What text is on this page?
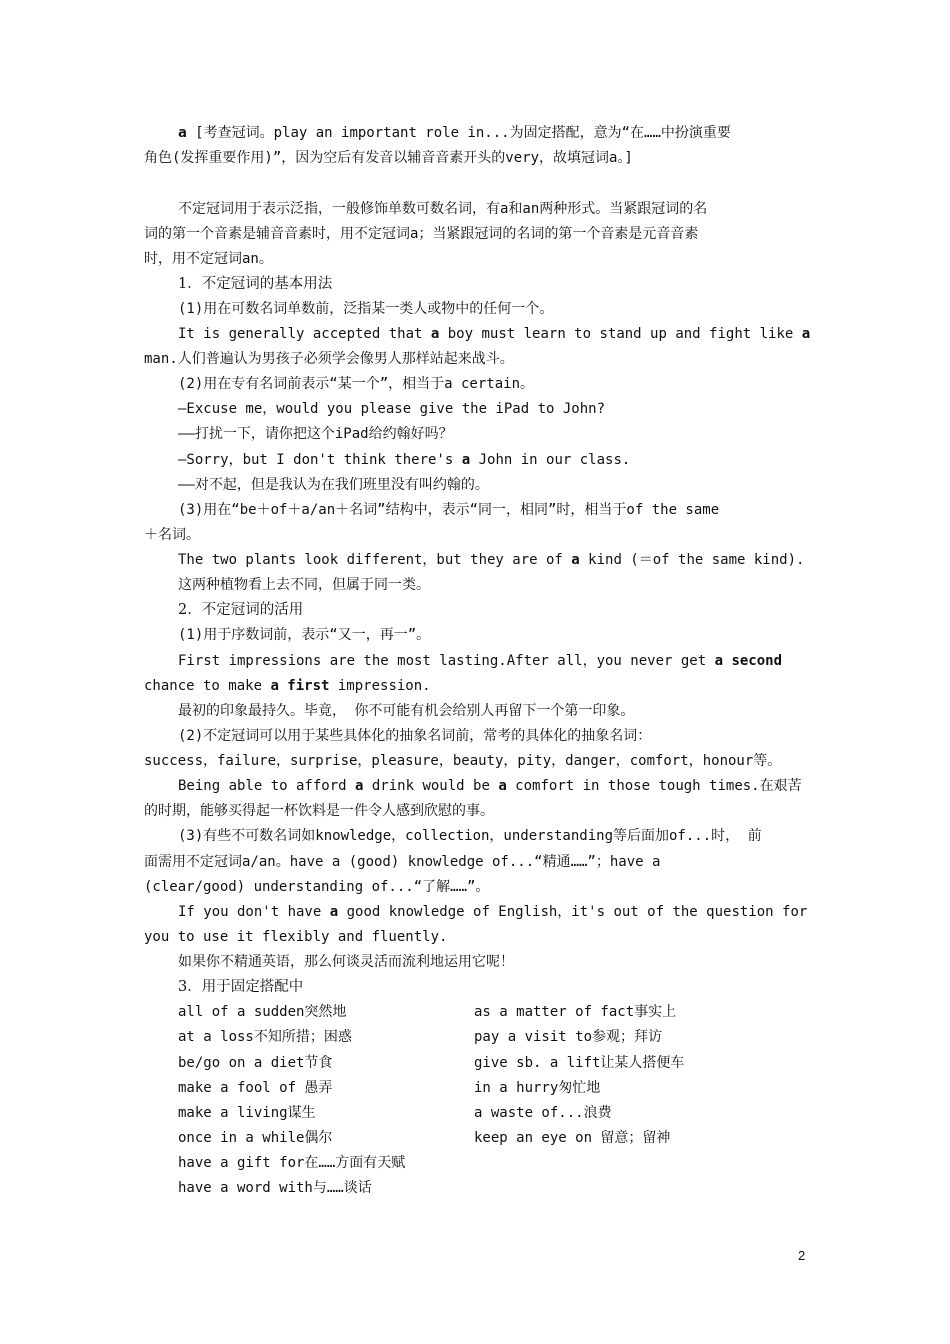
a [考查冠词。play an important role in...为固定搭配，意为“在……中扮演重要
角色(发挥重要作用)”，因为空后有发音以辅音音素开头的very，故填冠词a。]
不定冠词用于表示泛指，一般修饰单数可数名词，有a和an两种形式。当紧跟冠词的名
词的第一个音素是辅音音素时，用不定冠词a；当紧跟冠词的名词的第一个音素是元音音素
时，用不定冠词an。
1．不定冠词的基本用法
(1)用在可数名词单数前，泛指某一类人或物中的任何一个。
It is generally accepted that a boy must learn to stand up and fight like a
man.人们普遍认为男孩子必须学会像男人那样站起来战斗。
(2)用在专有名词前表示“某一个”，相当于a certain。
—Excuse me，would you please give the iPad to John?
——打扰一下，请你把这个iPad给约翰好吗？
—Sorry，but I don't think there's a John in our class.
——对不起，但是我认为在我们班里没有叫约翰的。
(3)用在“be＋of＋a/an＋名词”结构中，表示“同一，相同”时，相当于of the same
＋名词。
The two plants look different，but they are of a kind (＝of the same kind).
这两种植物看上去不同，但属于同一类。
2．不定冠词的活用
(1)用于序数词前，表示“又一，再一”。
First impressions are the most lasting.After all，you never get a second
chance to make a first impression.
最初的印象最持久。毕竟， 你不可能有机会给别人再留下一个第一印象。
(2)不定冠词可以用于某些具体化的抽象名词前，常考的具体化的抽象名词：
success，failure，surprise，pleasure，beauty，pity，danger，comfort，honour等。
Being able to afford a drink would be a comfort in those tough times.在艰苦
的时期，能够买得起一杯饮料是一件令人感到欣慰的事。
(3)有些不可数名词如knowledge，collection，understanding等后面加of...时， 前
面需用不定冠词a/an。have a (good) knowledge of...“精通……”；have a
(clear/good) understanding of...“了解……”。
If you don't have a good knowledge of English，it's out of the question for
you to use it flexibly and fluently.
如果你不精通英语，那么何谈灵活而流利地运用它呢！
3．用于固定搭配中
all of a sudden突然地
at a loss不知所措；困惑
be/go on a diet节食
make a fool of 愚弄
make a living谋生
once in a while偶尔
have a gift for在……方面有天赋
have a word with与……谈话
as a matter of fact事实上
pay a visit to参观；拜访
give sb. a lift让某人搭便车
in a hurry匆忙地
a waste of...浪费
keep an eye on 留意；留神
2
